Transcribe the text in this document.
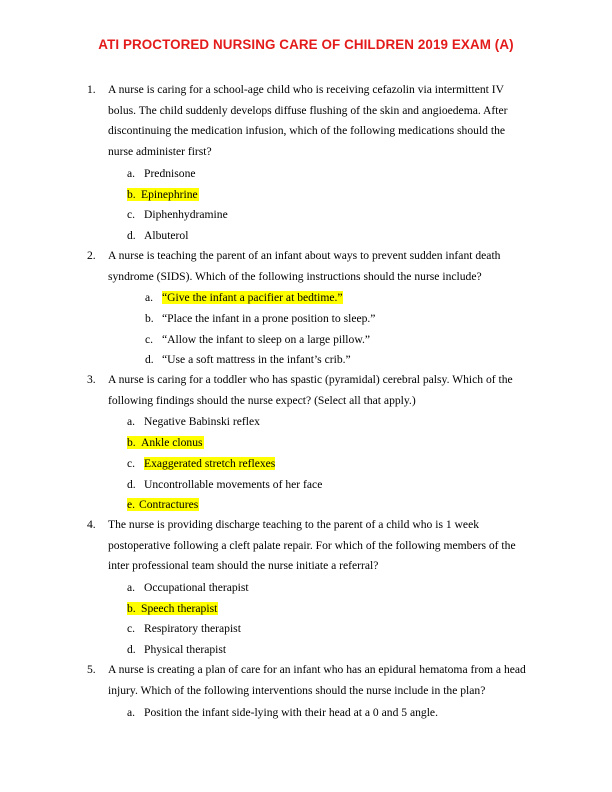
ATI PROCTORED NURSING CARE OF CHILDREN 2019 EXAM (A)
1. A nurse is caring for a school-age child who is receiving cefazolin via intermittent IV bolus. The child suddenly develops diffuse flushing of the skin and angioedema. After discontinuing the medication infusion, which of the following medications should the nurse administer first?
a. Prednisone
b. Epinephrine
c. Diphenhydramine
d. Albuterol
2. A nurse is teaching the parent of an infant about ways to prevent sudden infant death syndrome (SIDS). Which of the following instructions should the nurse include?
a. “Give the infant a pacifier at bedtime.”
b. “Place the infant in a prone position to sleep.”
c. “Allow the infant to sleep on a large pillow.”
d. “Use a soft mattress in the infant’s crib.”
3. A nurse is caring for a toddler who has spastic (pyramidal) cerebral palsy. Which of the following findings should the nurse expect? (Select all that apply.)
a. Negative Babinski reflex
b. Ankle clonus
c. Exaggerated stretch reflexes
d. Uncontrollable movements of her face
e. Contractures
4. The nurse is providing discharge teaching to the parent of a child who is 1 week postoperative following a cleft palate repair. For which of the following members of the inter professional team should the nurse initiate a referral?
a. Occupational therapist
b. Speech therapist
c. Respiratory therapist
d. Physical therapist
5. A nurse is creating a plan of care for an infant who has an epidural hematoma from a head injury. Which of the following interventions should the nurse include in the plan?
a. Position the infant side-lying with their head at a 0 and 5 angle.
